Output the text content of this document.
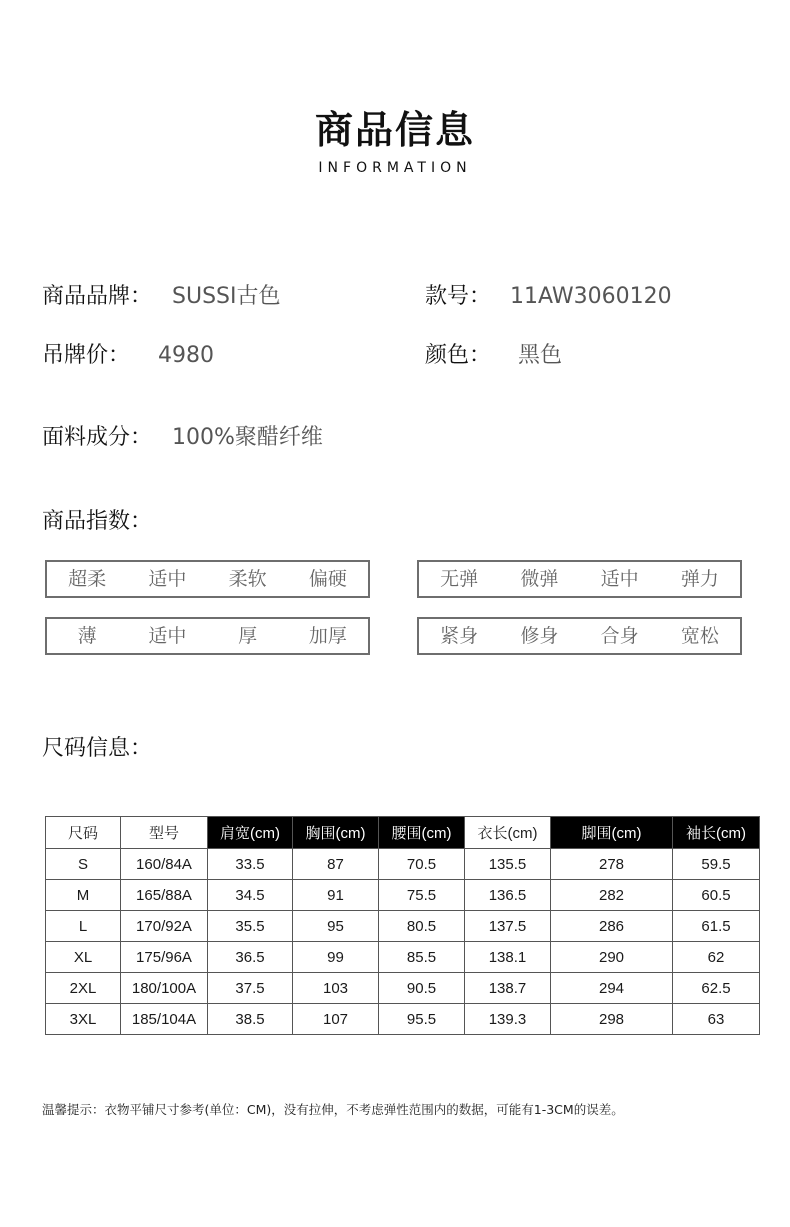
商品信息
INFORMATION
商品品牌： SUSSI古色	款号： 11AW3060120
吊牌价： 4980	颜色： 黑色
面料成分： 100%聚醋纤维
商品指数：
超柔	适中	柔软	偏硬	无弹	微弹	适中	弹力
薄	适中	厚	加厚	紧身	修身	合身	宽松
尺码信息：
尺码	型号	肩宽(cm)	胸围(cm)	腰围(cm)	衣长(cm)	脚围(cm)	袖长(cm)
S	160/84A	33.5	87	70.5	135.5	278	59.5
M	165/88A	34.5	91	75.5	136.5	282	60.5
L	170/92A	35.5	95	80.5	137.5	286	61.5
XL	175/96A	36.5	99	85.5	138.1	290	62
2XL	180/100A	37.5	103	90.5	138.7	294	62.5
3XL	185/104A	38.5	107	95.5	139.3	298	63
温馨提示：衣物平铺尺寸参考(单位：CM)，没有拉伸，不考虑弹性范围内的数据，可能有1-3CM的误差。
